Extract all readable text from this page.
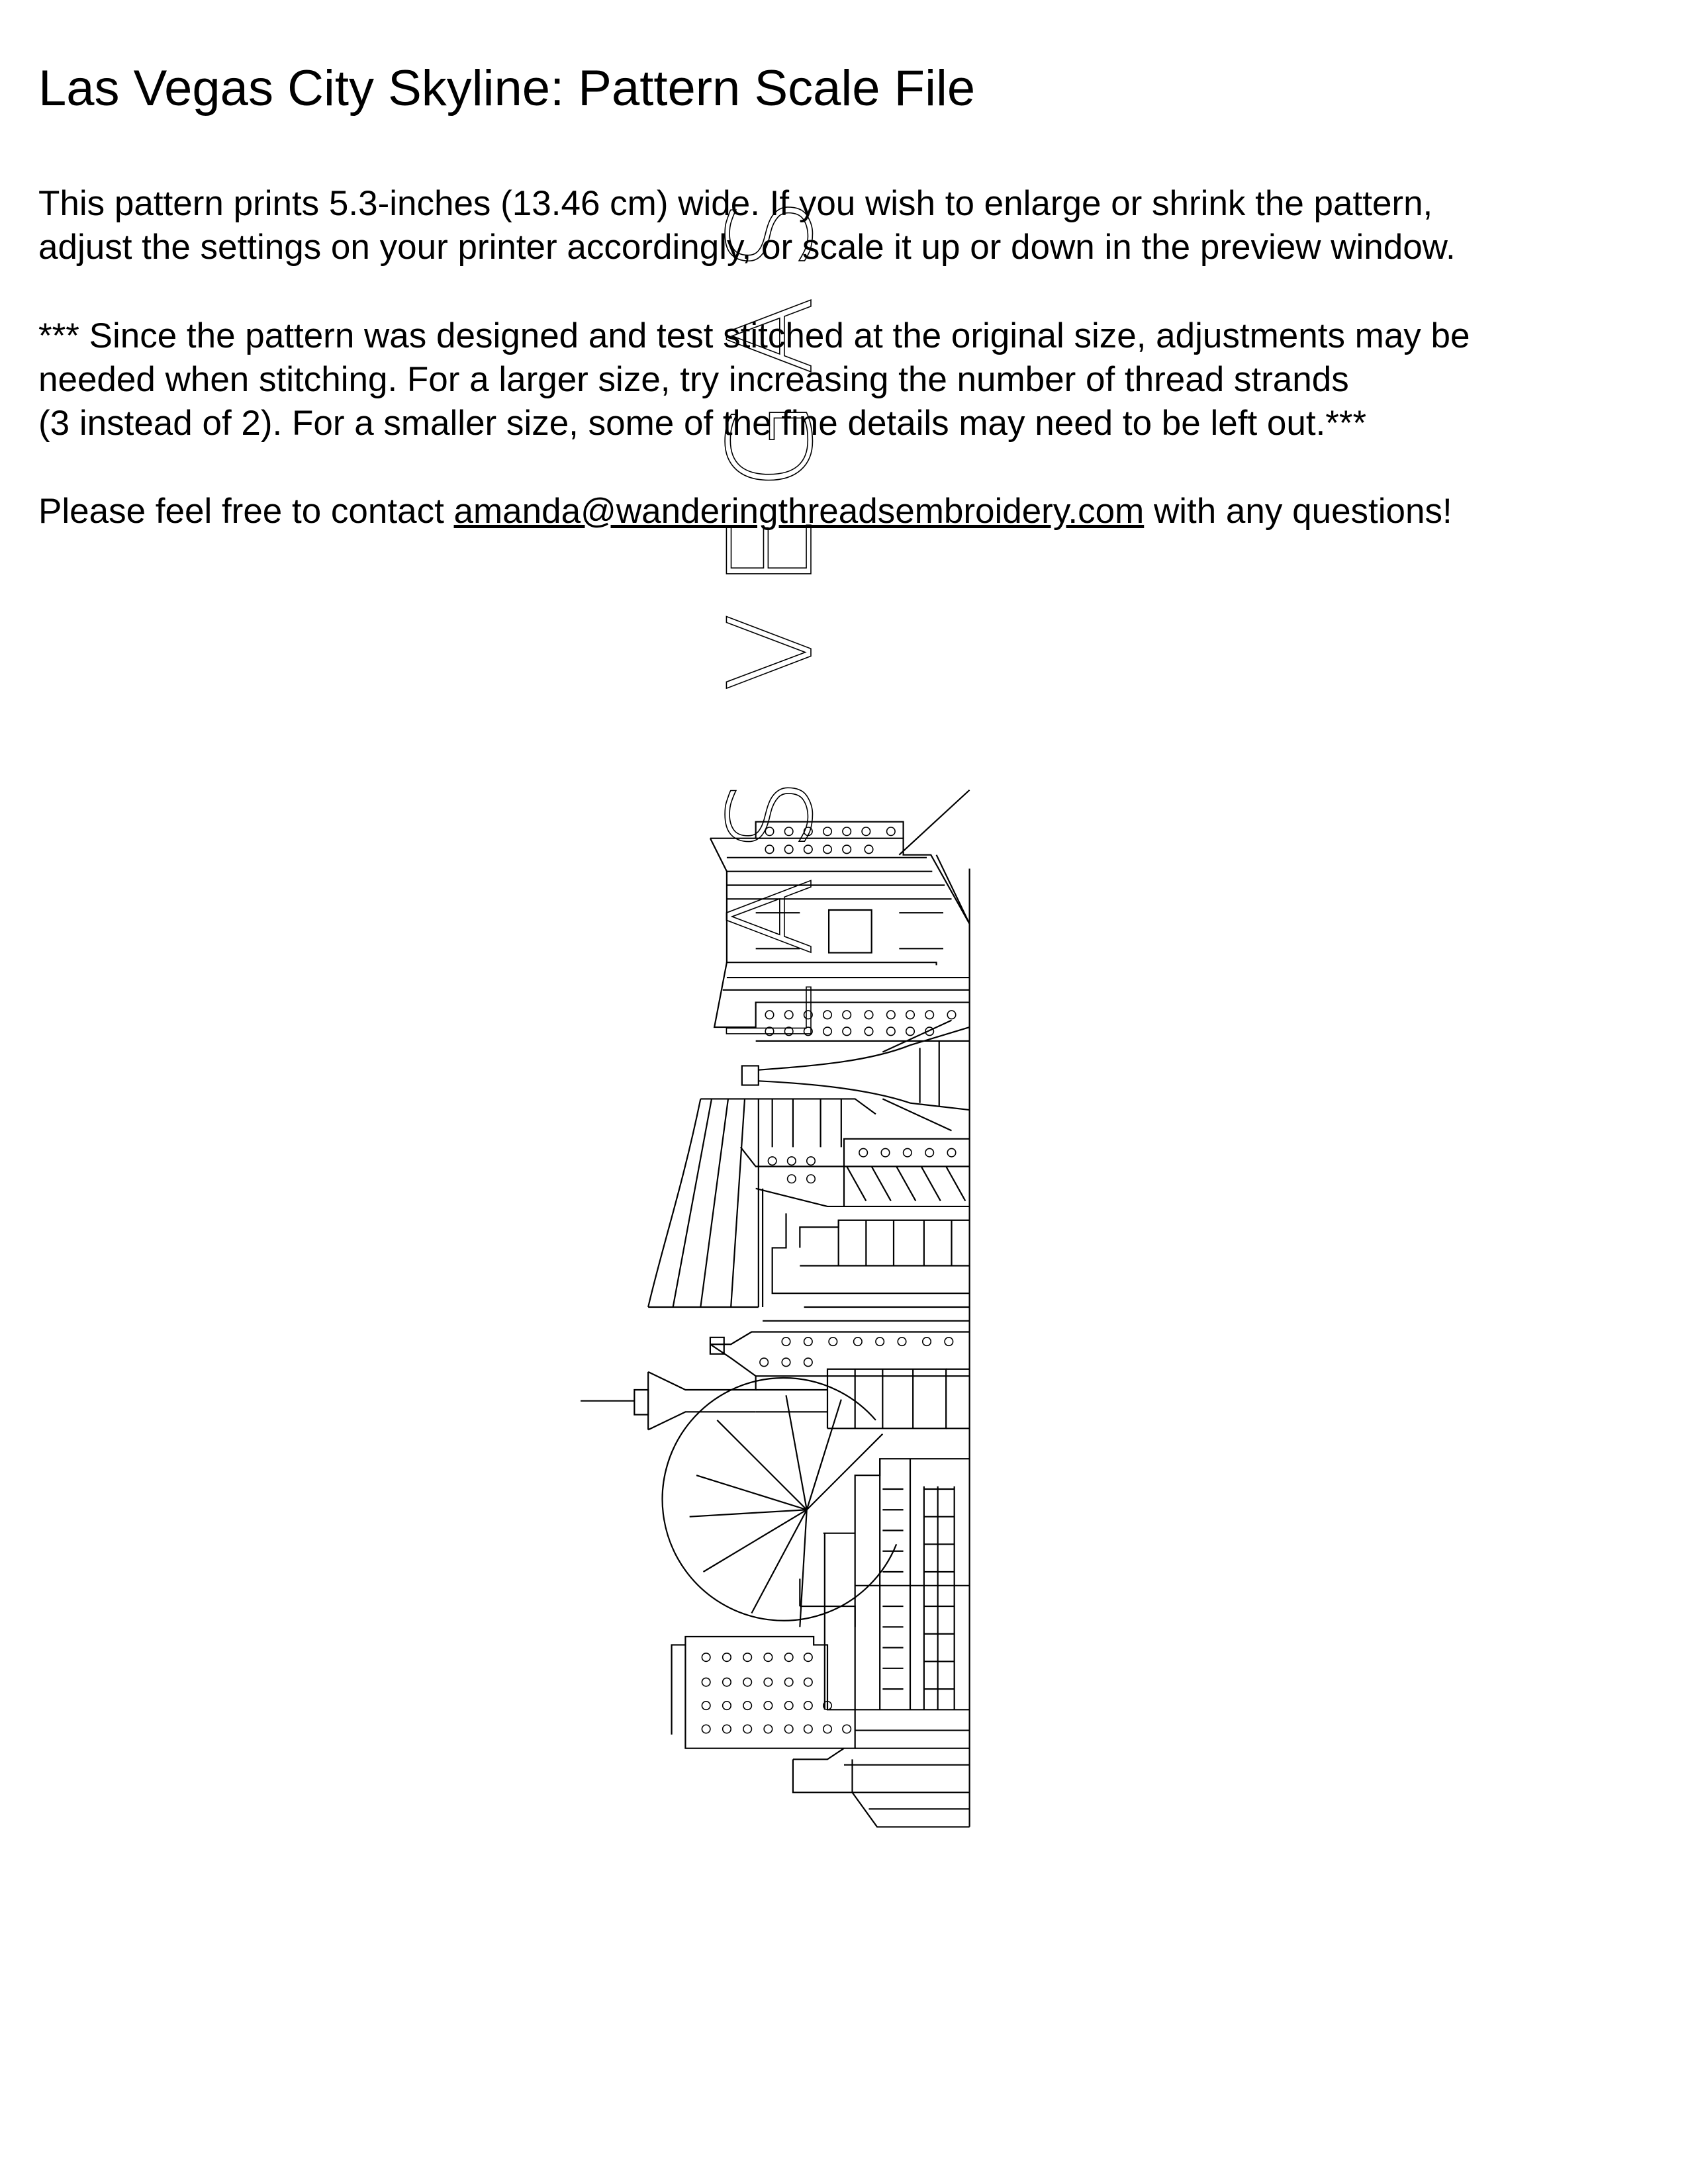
Las Vegas City Skyline: Pattern Scale File

This pattern prints 5.3-inches (13.46 cm) wide. If you wish to enlarge or shrink the pattern,
adjust the settings on your printer accordingly, or scale it up or down in the preview window.

*** Since the pattern was designed and test stitched at the original size, adjustments may be
needed when stitching. For a larger size, try increasing the number of thread strands
(3 instead of 2). For a smaller size, some of the fine details may need to be left out.***

Please feel free to contact amanda@wanderingthreadsembroidery.com with any questions!

LAS VEGAS
